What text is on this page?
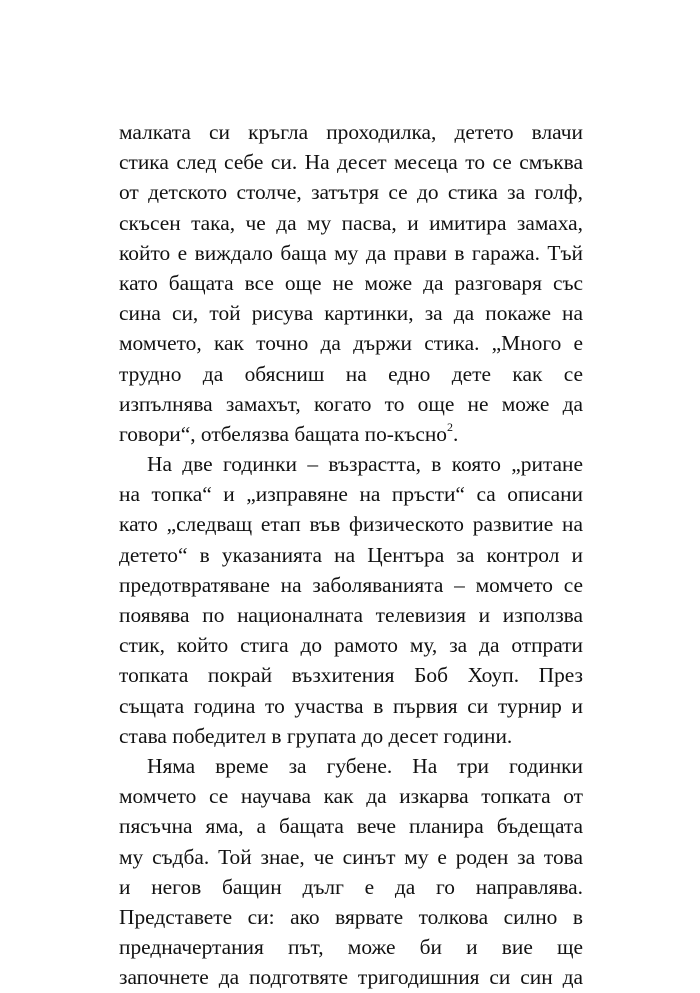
малката си кръгла проходилка, детето влачи
стика след себе си. На десет месеца то се смъква
от детското столче, затътря се до стика за голф,
скъсен така, че да му пасва, и имитира замаха,
който е виждало баща му да прави в гаража. Тъй
като бащата все още не може да разговаря със
сина си, той рисува картинки, за да покаже на
момчето, как точно да държи стика. „Много е
трудно да обясниш на едно дете как се
изпълнява замахът, когато то още не може да
говори“, отбелязва бащата по-късно$^2$.
На две годинки – възрастта, в която „ритане
на топка“ и „изправяне на пръсти“ са описани
като „следващ етап във физическото развитие на
детето“ в указанията на Центъра за контрол и
предотвратяване на заболяванията – момчето се
появява по националната телевизия и използва
стик, който стига до рамото му, за да отпрати
топката покрай възхитения Боб Хоуп. През
същата година то участва в първия си турнир и
става победител в групата до десет години.
Няма време за губене. На три годинки
момчето се научава как да изкарва топката от
пясъчна яма, а бащата вече планира бъдещата
му съдба. Той знае, че синът му е роден за това
и негов бащин дълг е да го направлява.
Представете си: ако вярвате толкова силно в
предначертания път, може би и вие ще
започнете да подготвяте тригодишния си син да
